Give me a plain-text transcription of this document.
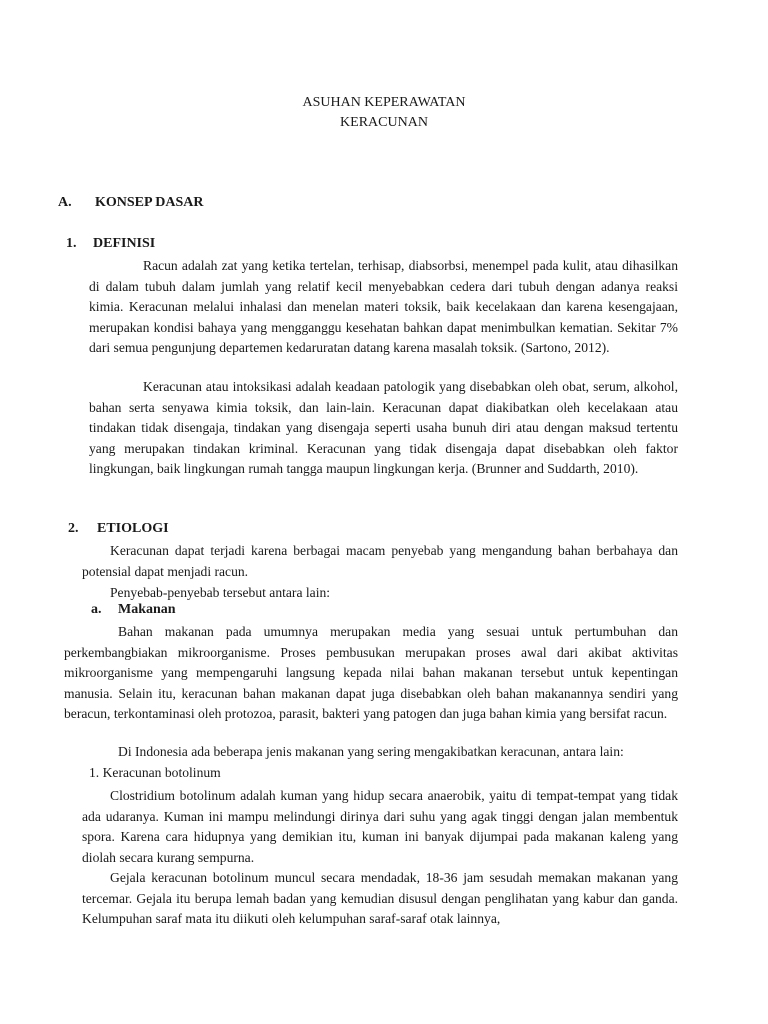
ASUHAN KEPERAWATAN
KERACUNAN
A. KONSEP DASAR
1. DEFINISI

Racun adalah zat yang ketika tertelan, terhisap, diabsorbsi, menempel pada kulit, atau dihasilkan di dalam tubuh dalam jumlah yang relatif kecil menyebabkan cedera dari tubuh dengan adanya reaksi kimia. Keracunan melalui inhalasi dan menelan materi toksik, baik kecelakaan dan karena kesengajaan, merupakan kondisi bahaya yang mengganggu kesehatan bahkan dapat menimbulkan kematian. Sekitar 7% dari semua pengunjung departemen kedaruratan datang karena masalah toksik. (Sartono, 2012).

Keracunan atau intoksikasi adalah keadaan patologik yang disebabkan oleh obat, serum, alkohol, bahan serta senyawa kimia toksik, dan lain-lain. Keracunan dapat diakibatkan oleh kecelakaan atau tindakan tidak disengaja, tindakan yang disengaja seperti usaha bunuh diri atau dengan maksud tertentu yang merupakan tindakan kriminal. Keracunan yang tidak disengaja dapat disebabkan oleh faktor lingkungan, baik lingkungan rumah tangga maupun lingkungan kerja. (Brunner and Suddarth, 2010).

2. ETIOLOGI

Keracunan dapat terjadi karena berbagai macam penyebab yang mengandung bahan berbahaya dan potensial dapat menjadi racun.

Penyebab-penyebab tersebut antara lain:
a. Makanan

Bahan makanan pada umumnya merupakan media yang sesuai untuk pertumbuhan dan perkembangbiakan mikroorganisme. Proses pembusukan merupakan proses awal dari akibat aktivitas mikroorganisme yang mempengaruhi langsung kepada nilai bahan makanan tersebut untuk kepentingan manusia. Selain itu, keracunan bahan makanan dapat juga disebabkan oleh bahan makanannya sendiri yang beracun, terkontaminasi oleh protozoa, parasit, bakteri yang patogen dan juga bahan kimia yang bersifat racun.

Di Indonesia ada beberapa jenis makanan yang sering mengakibatkan keracunan, antara lain:
1. Keracunan botolinum

Clostridium botolinum adalah kuman yang hidup secara anaerobik, yaitu di tempat-tempat yang tidak ada udaranya. Kuman ini mampu melindungi dirinya dari suhu yang agak tinggi dengan jalan membentuk spora. Karena cara hidupnya yang demikian itu, kuman ini banyak dijumpai pada makanan kaleng yang diolah secara kurang sempurna.

Gejala keracunan botolinum muncul secara mendadak, 18-36 jam sesudah memakan makanan yang tercemar. Gejala itu berupa lemah badan yang kemudian disusul dengan penglihatan yang kabur dan ganda. Kelumpuhan saraf mata itu diikuti oleh kelumpuhan saraf-saraf otak lainnya,
